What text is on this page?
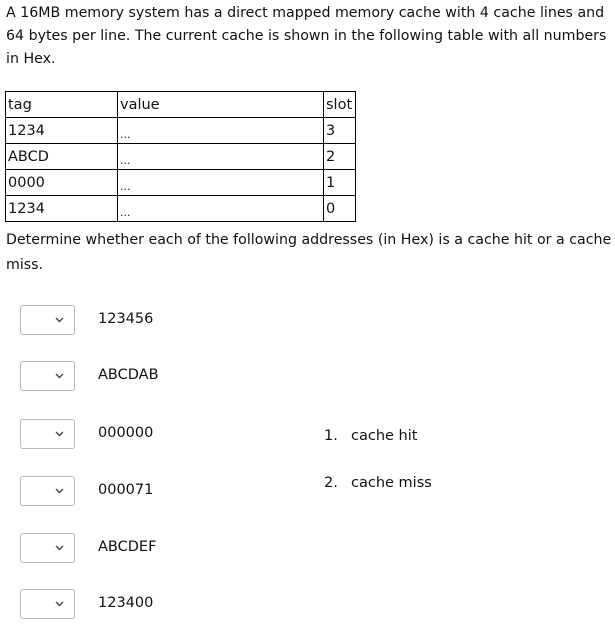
A 16MB memory system has a direct mapped memory cache with 4 cache lines and 64 bytes per line. The current cache is shown in the following table with all numbers in Hex.

tag	value	slot
1234	$_{...}$	3
ABCD	$_{...}$	2
0000	$_{...}$	1
1234	$_{...}$	0

Determine whether each of the following addresses (in Hex) is a cache hit or a cache miss.

123456
ABCDAB
000000
000071
ABCDEF
123400
1. cache hit
2. cache miss
